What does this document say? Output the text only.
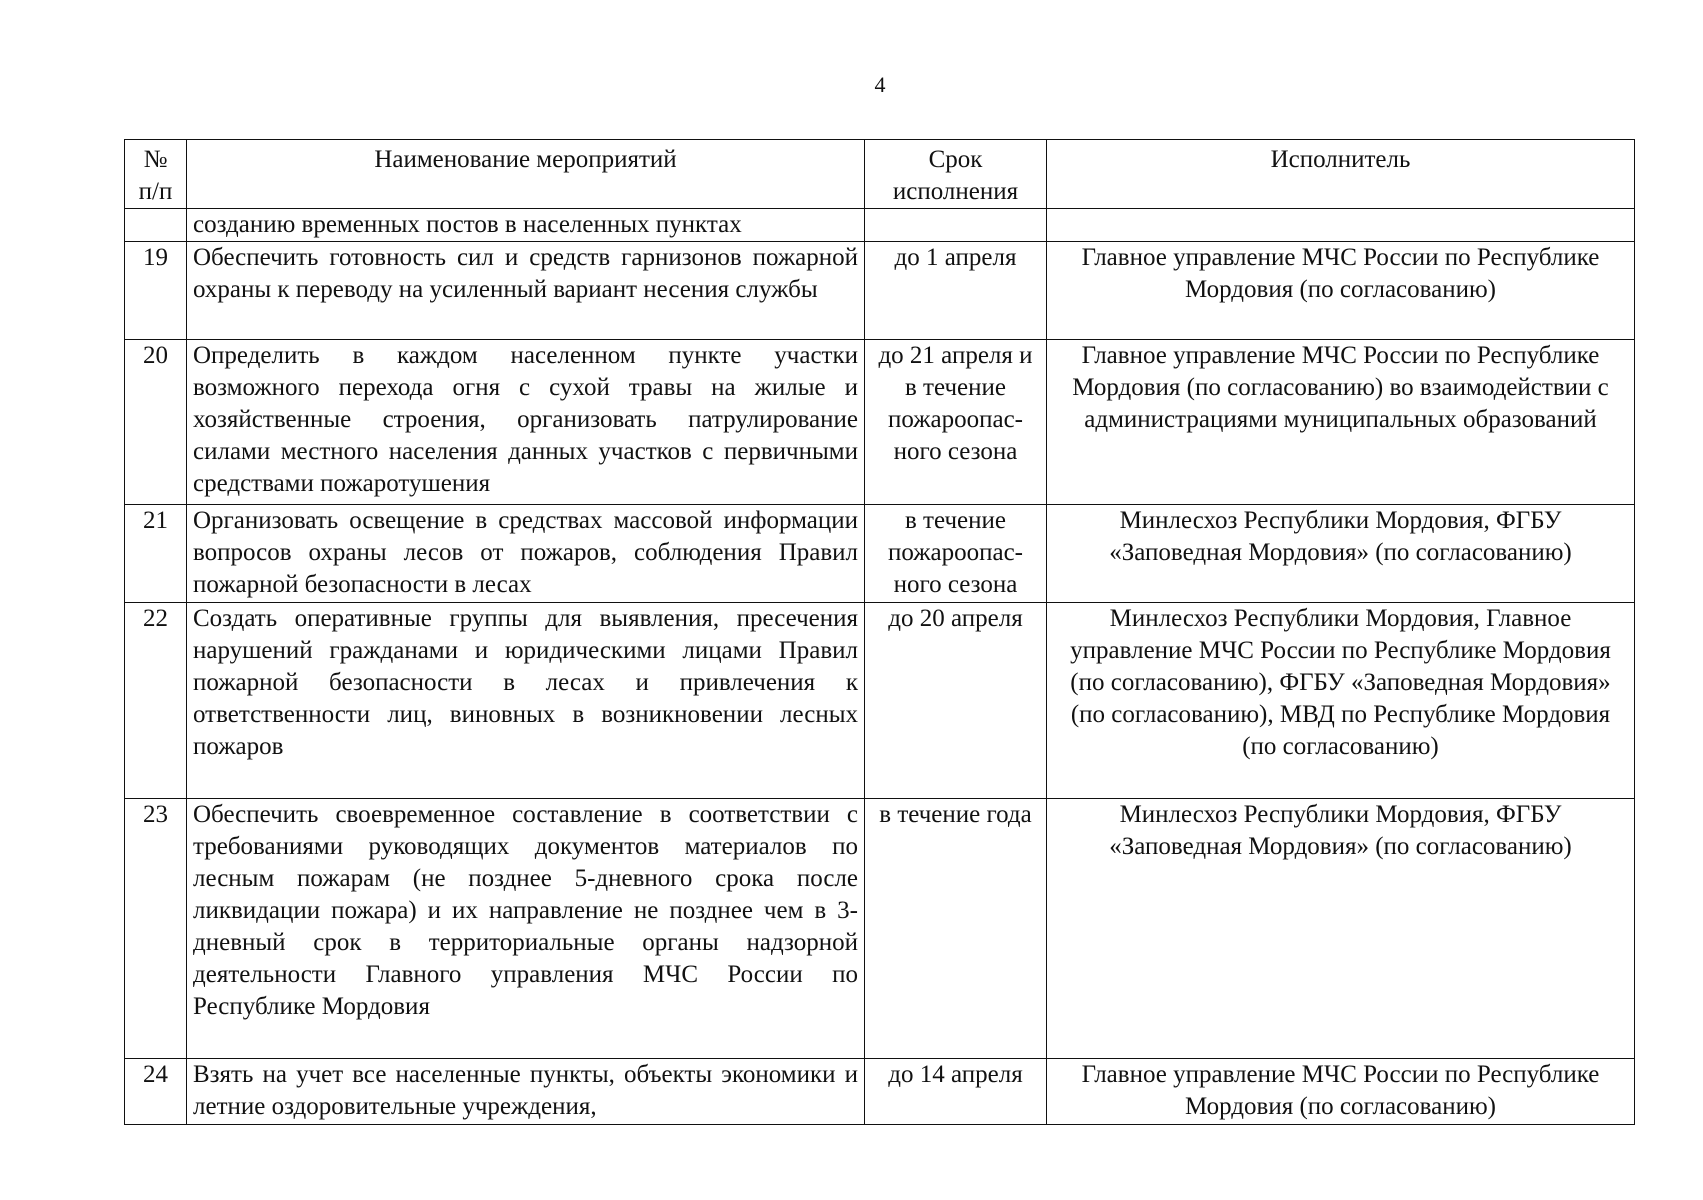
4
№ п/п	Наименование мероприятий	Срок исполнения	Исполнитель
	созданию временных постов в населенных пунктах		
19	Обеспечить готовность сил и средств гарнизонов пожарной охраны к переводу на усиленный вариант несения службы	до 1 апреля	Главное управление МЧС России по Республике Мордовия (по согласованию)
20	Определить в каждом населенном пункте участки возможного перехода огня с сухой травы на жилые и хозяйственные строения, организовать патрулирование силами местного населения данных участков с первичными средствами пожаротушения	до 21 апреля и в течение пожароопас-ного сезона	Главное управление МЧС России по Республике Мордовия (по согласованию) во взаимодействии с администрациями муниципальных образований
21	Организовать освещение в средствах массовой информации вопросов охраны лесов от пожаров, соблюдения Правил пожарной безопасности в лесах	в течение пожароопас-ного сезона	Минлесхоз Республики Мордовия, ФГБУ «Заповедная Мордовия» (по согласованию)
22	Создать оперативные группы для выявления, пресечения нарушений гражданами и юридическими лицами Правил пожарной безопасности в лесах и привлечения к ответственности лиц, виновных в возникновении лесных пожаров	до 20 апреля	Минлесхоз Республики Мордовия, Главное управление МЧС России по Республике Мордовия (по согласованию), ФГБУ «Заповедная Мордовия» (по согласованию), МВД по Республике Мордовия (по согласованию)
23	Обеспечить своевременное составление в соответствии с требованиями руководящих документов материалов по лесным пожарам (не позднее 5-дневного срока после ликвидации пожара) и их направление не позднее чем в 3-дневный срок в территориальные органы надзорной деятельности Главного управления МЧС России по Республике Мордовия	в течение года	Минлесхоз Республики Мордовия, ФГБУ «Заповедная Мордовия» (по согласованию)
24	Взять на учет все населенные пункты, объекты экономики и летние оздоровительные учреждения,	до 14 апреля	Главное управление МЧС России по Республике Мордовия (по согласованию)
